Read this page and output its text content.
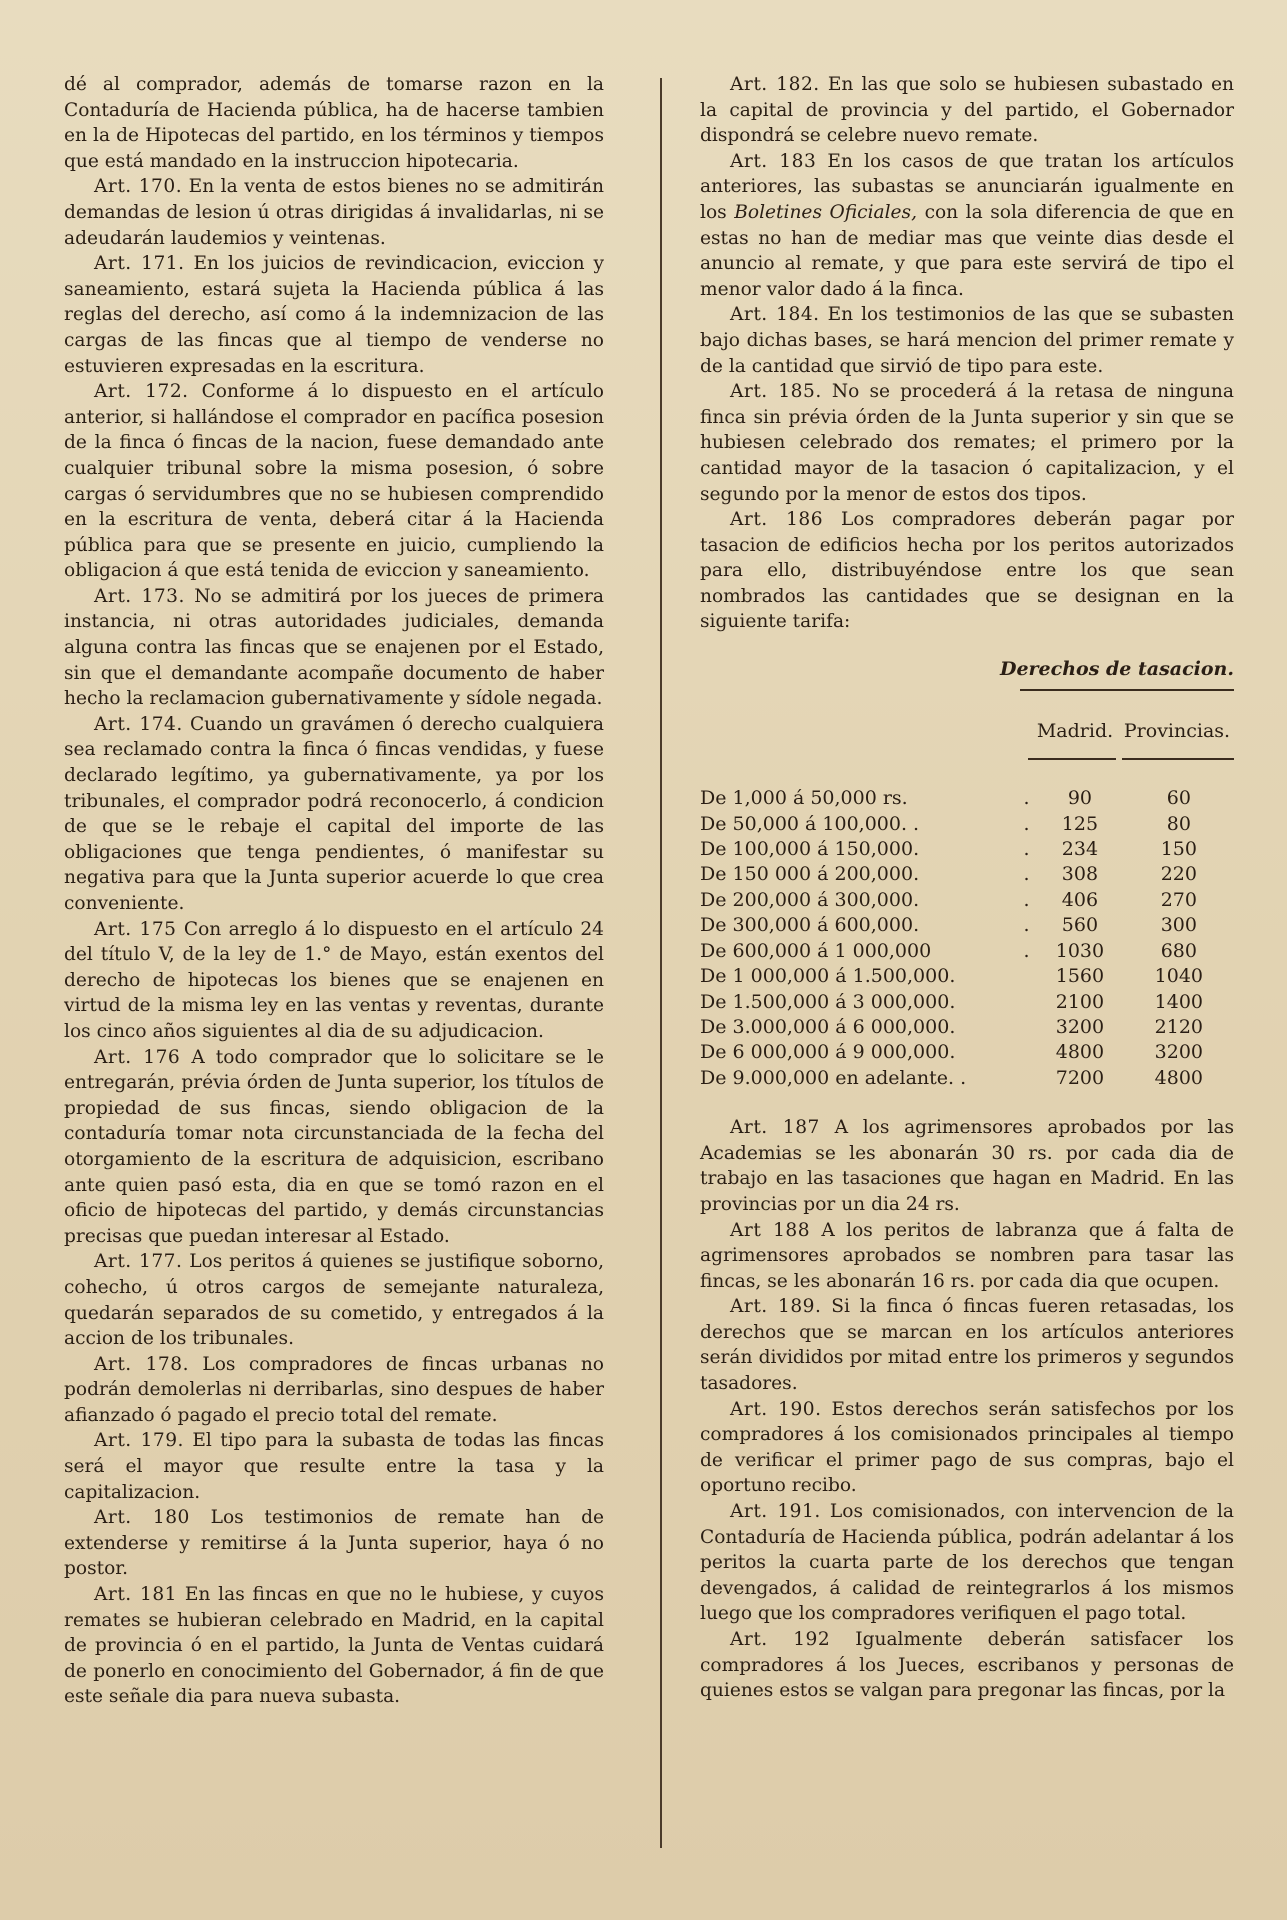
dé al comprador, además de tomarse razon en la Contaduría de Hacienda pública, ha de hacerse tambien en la de Hipotecas del partido, en los términos y tiempos que está mandado en la instruccion hipotecaria.

Art. 170. En la venta de estos bienes no se admitirán demandas de lesion ú otras dirigidas á invalidarlas, ni se adeudarán laudemios y veintenas.

Art. 171. En los juicios de revindicacion, eviccion y saneamiento, estará sujeta la Hacienda pública á las reglas del derecho, así como á la indemnizacion de las cargas de las fincas que al tiempo de venderse no estuvieren expresadas en la escritura.

Art. 172. Conforme á lo dispuesto en el artículo anterior, si hallándose el comprador en pacífica posesion de la finca ó fincas de la nacion, fuese demandado ante cualquier tribunal sobre la misma posesion, ó sobre cargas ó servidumbres que no se hubiesen comprendido en la escritura de venta, deberá citar á la Hacienda pública para que se presente en juicio, cumpliendo la obligacion á que está tenida de eviccion y saneamiento.

Art. 173. No se admitirá por los jueces de primera instancia, ni otras autoridades judiciales, demanda alguna contra las fincas que se enajenen por el Estado, sin que el demandante acompañe documento de haber hecho la reclamacion gubernativamente y sídole negada.

Art. 174. Cuando un gravámen ó derecho cualquiera sea reclamado contra la finca ó fincas vendidas, y fuese declarado legítimo, ya gubernativamente, ya por los tribunales, el comprador podrá reconocerlo, á condicion de que se le rebaje el capital del importe de las obligaciones que tenga pendientes, ó manifestar su negativa para que la Junta superior acuerde lo que crea conveniente.

Art. 175 Con arreglo á lo dispuesto en el artículo 24 del título V, de la ley de 1.° de Mayo, están exentos del derecho de hipotecas los bienes que se enajenen en virtud de la misma ley en las ventas y reventas, durante los cinco años siguientes al dia de su adjudicacion.

Art. 176 A todo comprador que lo solicitare se le entregarán, prévia órden de Junta superior, los títulos de propiedad de sus fincas, siendo obligacion de la contaduría tomar nota circunstanciada de la fecha del otorgamiento de la escritura de adquisicion, escribano ante quien pasó esta, dia en que se tomó razon en el oficio de hipotecas del partido, y demás circunstancias precisas que puedan interesar al Estado.

Art. 177. Los peritos á quienes se justifique soborno, cohecho, ú otros cargos de semejante naturaleza, quedarán separados de su cometido, y entregados á la accion de los tribunales.

Art. 178. Los compradores de fincas urbanas no podrán demolerlas ni derribarlas, sino despues de haber afianzado ó pagado el precio total del remate.

Art. 179. El tipo para la subasta de todas las fincas será el mayor que resulte entre la tasa y la capitalizacion.

Art. 180 Los testimonios de remate han de extenderse y remitirse á la Junta superior, haya ó no postor.

Art. 181 En las fincas en que no le hubiese, y cuyos remates se hubieran celebrado en Madrid, en la capital de provincia ó en el partido, la Junta de Ventas cuidará de ponerlo en conocimiento del Gobernador, á fin de que este señale dia para nueva subasta.

Art. 182. En las que solo se hubiesen subastado en la capital de provincia y del partido, el Gobernador dispondrá se celebre nuevo remate.

Art. 183 En los casos de que tratan los artículos anteriores, las subastas se anunciarán igualmente en los Boletines Oficiales, con la sola diferencia de que en estas no han de mediar mas que veinte dias desde el anuncio al remate, y que para este servirá de tipo el menor valor dado á la finca.

Art. 184. En los testimonios de las que se subasten bajo dichas bases, se hará mencion del primer remate y de la cantidad que sirvió de tipo para este.

Art. 185. No se procederá á la retasa de ninguna finca sin prévia órden de la Junta superior y sin que se hubiesen celebrado dos remates; el primero por la cantidad mayor de la tasacion ó capitalizacion, y el segundo por la menor de estos dos tipos.

Art. 186 Los compradores deberán pagar por tasacion de edificios hecha por los peritos autorizados para ello, distribuyéndose entre los que sean nombrados las cantidades que se designan en la siguiente tarifa:

Derechos de tasacion.
Madrid. Provincias.
De 1,000 á 50,000 rs.	.	90	60
De 50,000 á 100,000. .	.	125	80
De 100,000 á 150,000.	.	234	150
De 150 000 á 200,000.	.	308	220
De 200,000 á 300,000.	.	406	270
De 300,000 á 600,000.	.	560	300
De 600,000 á 1 000,000	.	1030	680
De 1 000,000 á 1.500,000.		1560	1040
De 1.500,000 á 3 000,000.		2100	1400
De 3.000,000 á 6 000,000.		3200	2120
De 6 000,000 á 9 000,000.		4800	3200
De 9.000,000 en adelante. .		7200	4800

Art. 187 A los agrimensores aprobados por las Academias se les abonarán 30 rs. por cada dia de trabajo en las tasaciones que hagan en Madrid. En las provincias por un dia 24 rs.

Art 188 A los peritos de labranza que á falta de agrimensores aprobados se nombren para tasar las fincas, se les abonarán 16 rs. por cada dia que ocupen.

Art. 189. Si la finca ó fincas fueren retasadas, los derechos que se marcan en los artículos anteriores serán divididos por mitad entre los primeros y segundos tasadores.

Art. 190. Estos derechos serán satisfechos por los compradores á los comisionados principales al tiempo de verificar el primer pago de sus compras, bajo el oportuno recibo.

Art. 191. Los comisionados, con intervencion de la Contaduría de Hacienda pública, podrán adelantar á los peritos la cuarta parte de los derechos que tengan devengados, á calidad de reintegrarlos á los mismos luego que los compradores verifiquen el pago total.

Art. 192 Igualmente deberán satisfacer los compradores á los Jueces, escribanos y personas de quienes estos se valgan para pregonar las fincas, por la
